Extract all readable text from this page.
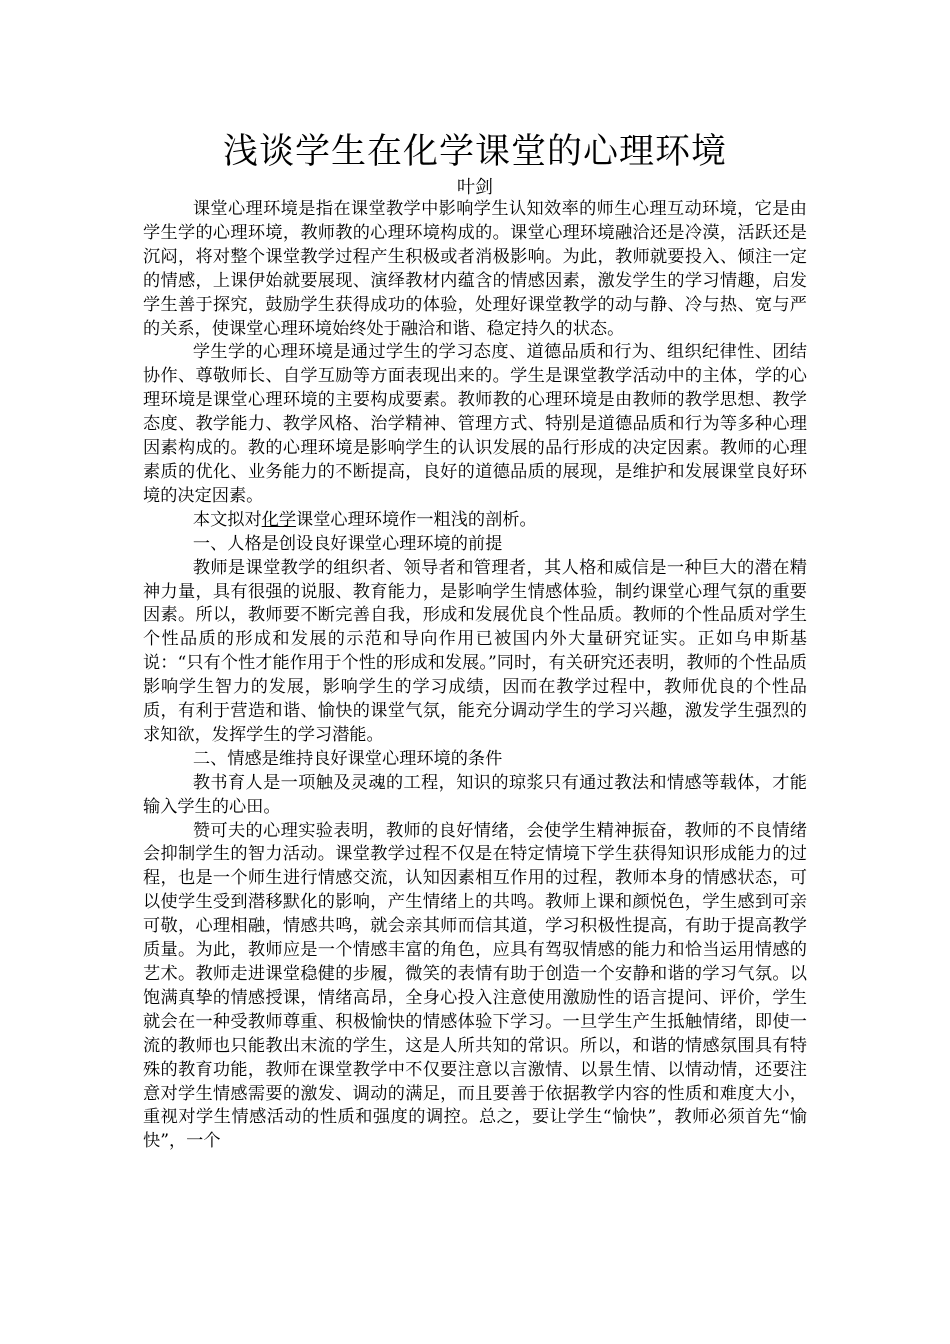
浅谈学生在化学课堂的心理环境
叶剑

课堂心理环境是指在课堂教学中影响学生认知效率的师生心理互动环境，它是由学生学的心理环境，教师教的心理环境构成的。课堂心理环境融洽还是冷漠，活跃还是沉闷，将对整个课堂教学过程产生积极或者消极影响。为此，教师就要投入、倾注一定的情感，上课伊始就要展现、演绎教材内蕴含的情感因素，激发学生的学习情趣，启发学生善于探究，鼓励学生获得成功的体验，处理好课堂教学的动与静、冷与热、宽与严的关系，使课堂心理环境始终处于融洽和谐、稳定持久的状态。

学生学的心理环境是通过学生的学习态度、道德品质和行为、组织纪律性、团结协作、尊敬师长、自学互励等方面表现出来的。学生是课堂教学活动中的主体，学的心理环境是课堂心理环境的主要构成要素。教师教的心理环境是由教师的教学思想、教学态度、教学能力、教学风格、治学精神、管理方式、特别是道德品质和行为等多种心理因素构成的。教的心理环境是影响学生的认识发展的品行形成的决定因素。教师的心理素质的优化、业务能力的不断提高，良好的道德品质的展现，是维护和发展课堂良好环境的决定因素。

本文拟对化学课堂心理环境作一粗浅的剖析。

一、人格是创设良好课堂心理环境的前提

教师是课堂教学的组织者、领导者和管理者，其人格和威信是一种巨大的潜在精神力量，具有很强的说服、教育能力，是影响学生情感体验，制约课堂心理气氛的重要因素。所以，教师要不断完善自我，形成和发展优良个性品质。教师的个性品质对学生个性品质的形成和发展的示范和导向作用已被国内外大量研究证实。正如乌申斯基说：“只有个性才能作用于个性的形成和发展。”同时，有关研究还表明，教师的个性品质影响学生智力的发展，影响学生的学习成绩，因而在教学过程中，教师优良的个性品质，有利于营造和谐、愉快的课堂气氛，能充分调动学生的学习兴趣，激发学生强烈的求知欲，发挥学生的学习潜能。

二、情感是维持良好课堂心理环境的条件

教书育人是一项触及灵魂的工程，知识的琼浆只有通过教法和情感等载体，才能输入学生的心田。

赞可夫的心理实验表明，教师的良好情绪，会使学生精神振奋，教师的不良情绪会抑制学生的智力活动。课堂教学过程不仅是在特定情境下学生获得知识形成能力的过程，也是一个师生进行情感交流，认知因素相互作用的过程，教师本身的情感状态，可以使学生受到潜移默化的影响，产生情绪上的共鸣。教师上课和颜悦色，学生感到可亲可敬，心理相融，情感共鸣，就会亲其师而信其道，学习积极性提高，有助于提高教学质量。为此，教师应是一个情感丰富的角色，应具有驾驭情感的能力和恰当运用情感的艺术。教师走进课堂稳健的步履，微笑的表情有助于创造一个安静和谐的学习气氛。以饱满真挚的情感授课，情绪高昂，全身心投入注意使用激励性的语言提问、评价，学生就会在一种受教师尊重、积极愉快的情感体验下学习。一旦学生产生抵触情绪，即使一流的教师也只能教出末流的学生，这是人所共知的常识。所以，和谐的情感氛围具有特殊的教育功能，教师在课堂教学中不仅要注意以言激情、以景生情、以情动情，还要注意对学生情感需要的激发、调动的满足，而且要善于依据教学内容的性质和难度大小，重视对学生情感活动的性质和强度的调控。总之，要让学生“愉快”，教师必须首先“愉快”，一个
